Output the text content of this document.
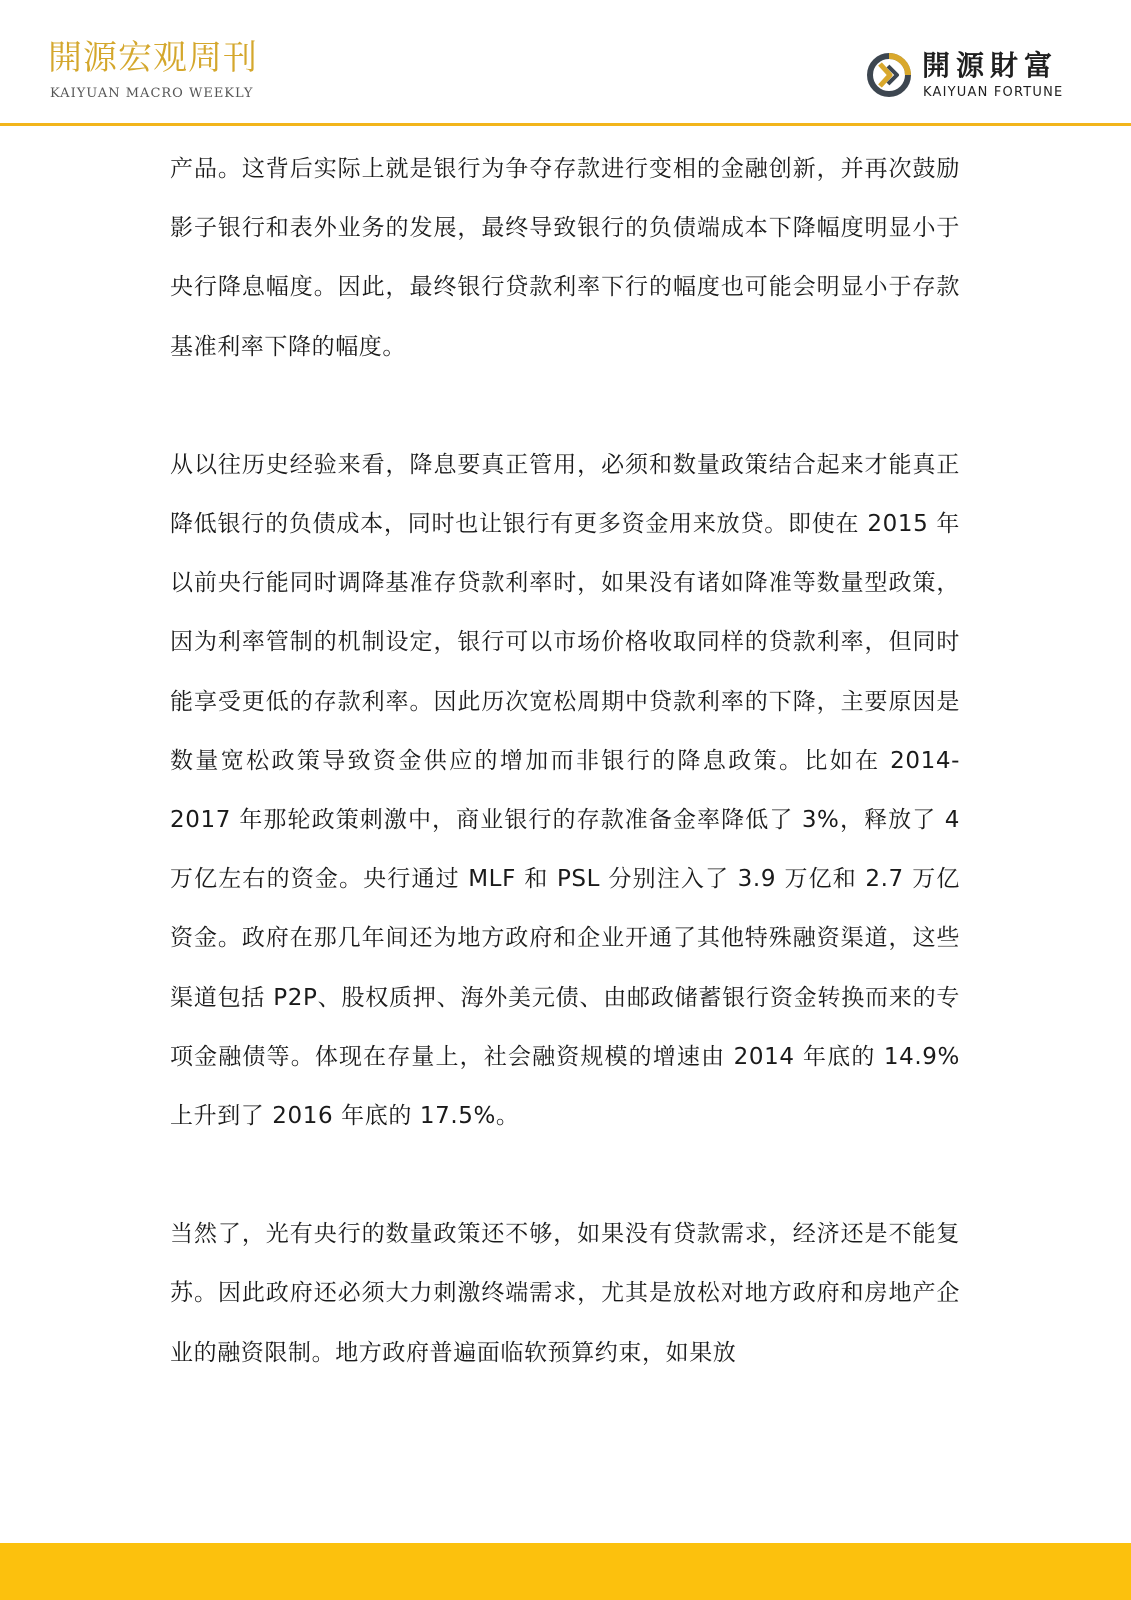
開源宏观周刊
KAIYUAN MACRO WEEKLY
開源財富
KAIYUAN FORTUNE

产品。这背后实际上就是银行为争夺存款进行变相的金融创新，并再次鼓励影子银行和表外业务的发展，最终导致银行的负债端成本下降幅度明显小于央行降息幅度。因此，最终银行贷款利率下行的幅度也可能会明显小于存款基准利率下降的幅度。

从以往历史经验来看，降息要真正管用，必须和数量政策结合起来才能真正降低银行的负债成本，同时也让银行有更多资金用来放贷。即使在 2015 年以前央行能同时调降基准存贷款利率时，如果没有诸如降准等数量型政策，因为利率管制的机制设定，银行可以市场价格收取同样的贷款利率，但同时能享受更低的存款利率。因此历次宽松周期中贷款利率的下降，主要原因是数量宽松政策导致资金供应的增加而非银行的降息政策。比如在 2014-2017 年那轮政策刺激中，商业银行的存款准备金率降低了 3%，释放了 4 万亿左右的资金。央行通过 MLF 和 PSL 分别注入了 3.9 万亿和 2.7 万亿资金。政府在那几年间还为地方政府和企业开通了其他特殊融资渠道，这些渠道包括 P2P、股权质押、海外美元债、由邮政储蓄银行资金转换而来的专项金融债等。体现在存量上，社会融资规模的增速由 2014 年底的 14.9% 上升到了 2016 年底的 17.5%。

当然了，光有央行的数量政策还不够，如果没有贷款需求，经济还是不能复苏。因此政府还必须大力刺激终端需求，尤其是放松对地方政府和房地产企业的融资限制。地方政府普遍面临软预算约束，如果放
